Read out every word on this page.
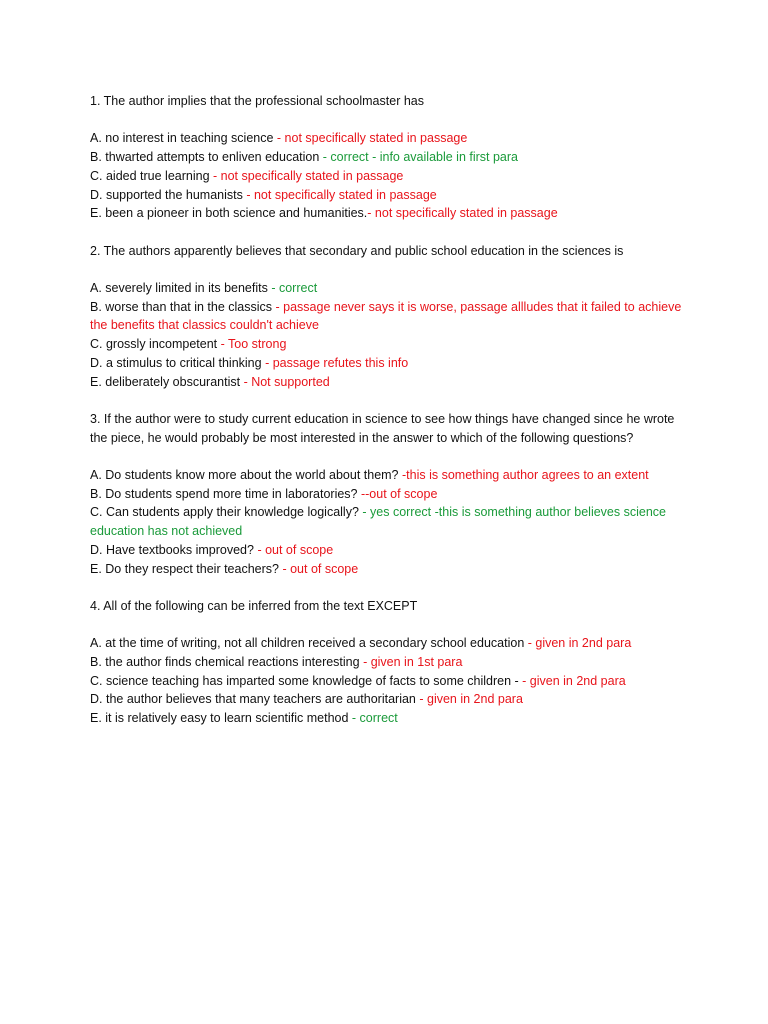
1. The author implies that the professional schoolmaster has
A. no interest in teaching science - not specifically stated in passage
B. thwarted attempts to enliven education - correct - info available in first para
C. aided true learning - not specifically stated in passage
D. supported the humanists - not specifically stated in passage
E. been a pioneer in both science and humanities.- not specifically stated in passage
2. The authors apparently believes that secondary and public school education in the sciences is
A. severely limited in its benefits - correct
B. worse than that in the classics - passage never says it is worse, passage allludes that it failed to achieve the benefits that classics couldn't achieve
C. grossly incompetent - Too strong
D. a stimulus to critical thinking - passage refutes this info
E. deliberately obscurantist - Not supported
3. If the author were to study current education in science to see how things have changed since he wrote the piece, he would probably be most interested in the answer to which of the following questions?
A. Do students know more about the world about them? -this is something author agrees to an extent
B. Do students spend more time in laboratories? --out of scope
C. Can students apply their knowledge logically? - yes correct -this is something author believes science education has not achieved
D. Have textbooks improved? - out of scope
E. Do they respect their teachers? - out of scope
4. All of the following can be inferred from the text EXCEPT
A. at the time of writing, not all children received a secondary school education - given in 2nd para
B. the author finds chemical reactions interesting - given in 1st para
C. science teaching has imparted some knowledge of facts to some children - - given in 2nd para
D. the author believes that many teachers are authoritarian - given in 2nd para
E. it is relatively easy to learn scientific method - correct
